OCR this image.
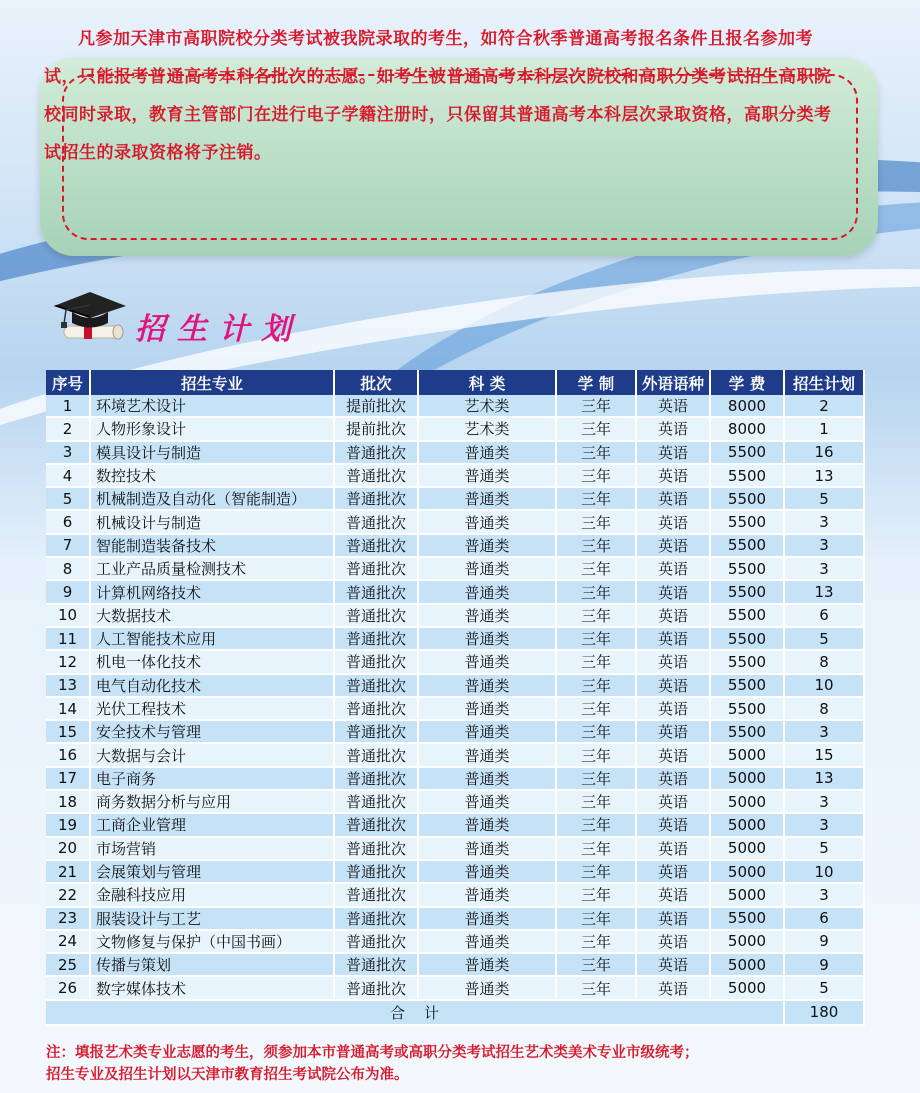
凡参加天津市高职院校分类考试被我院录取的考生，如符合秋季普通高考报名条件且报名参加考试，只能报考普通高考本科各批次的志愿。如考生被普通高考本科层次院校和高职分类考试招生高职院校同时录取，教育主管部门在进行电子学籍注册时，只保留其普通高考本科层次录取资格，高职分类考试招生的录取资格将予注销。
招生计划
序号	招生专业	批次	科 类	学 制	外语语种	学 费	招生计划
1	环境艺术设计	提前批次	艺术类	三年	英语	8000	2
2	人物形象设计	提前批次	艺术类	三年	英语	8000	1
3	模具设计与制造	普通批次	普通类	三年	英语	5500	16
4	数控技术	普通批次	普通类	三年	英语	5500	13
5	机械制造及自动化（智能制造）	普通批次	普通类	三年	英语	5500	5
6	机械设计与制造	普通批次	普通类	三年	英语	5500	3
7	智能制造装备技术	普通批次	普通类	三年	英语	5500	3
8	工业产品质量检测技术	普通批次	普通类	三年	英语	5500	3
9	计算机网络技术	普通批次	普通类	三年	英语	5500	13
10	大数据技术	普通批次	普通类	三年	英语	5500	6
11	人工智能技术应用	普通批次	普通类	三年	英语	5500	5
12	机电一体化技术	普通批次	普通类	三年	英语	5500	8
13	电气自动化技术	普通批次	普通类	三年	英语	5500	10
14	光伏工程技术	普通批次	普通类	三年	英语	5500	8
15	安全技术与管理	普通批次	普通类	三年	英语	5500	3
16	大数据与会计	普通批次	普通类	三年	英语	5000	15
17	电子商务	普通批次	普通类	三年	英语	5000	13
18	商务数据分析与应用	普通批次	普通类	三年	英语	5000	3
19	工商企业管理	普通批次	普通类	三年	英语	5000	3
20	市场营销	普通批次	普通类	三年	英语	5000	5
21	会展策划与管理	普通批次	普通类	三年	英语	5000	10
22	金融科技应用	普通批次	普通类	三年	英语	5000	3
23	服装设计与工艺	普通批次	普通类	三年	英语	5500	6
24	文物修复与保护（中国书画）	普通批次	普通类	三年	英语	5000	9
25	传播与策划	普通批次	普通类	三年	英语	5000	9
26	数字媒体技术	普通批次	普通类	三年	英语	5000	5
合    计							180
注：填报艺术类专业志愿的考生，须参加本市普通高考或高职分类考试招生艺术类美术专业市级统考；
招生专业及招生计划以天津市教育招生考试院公布为准。
